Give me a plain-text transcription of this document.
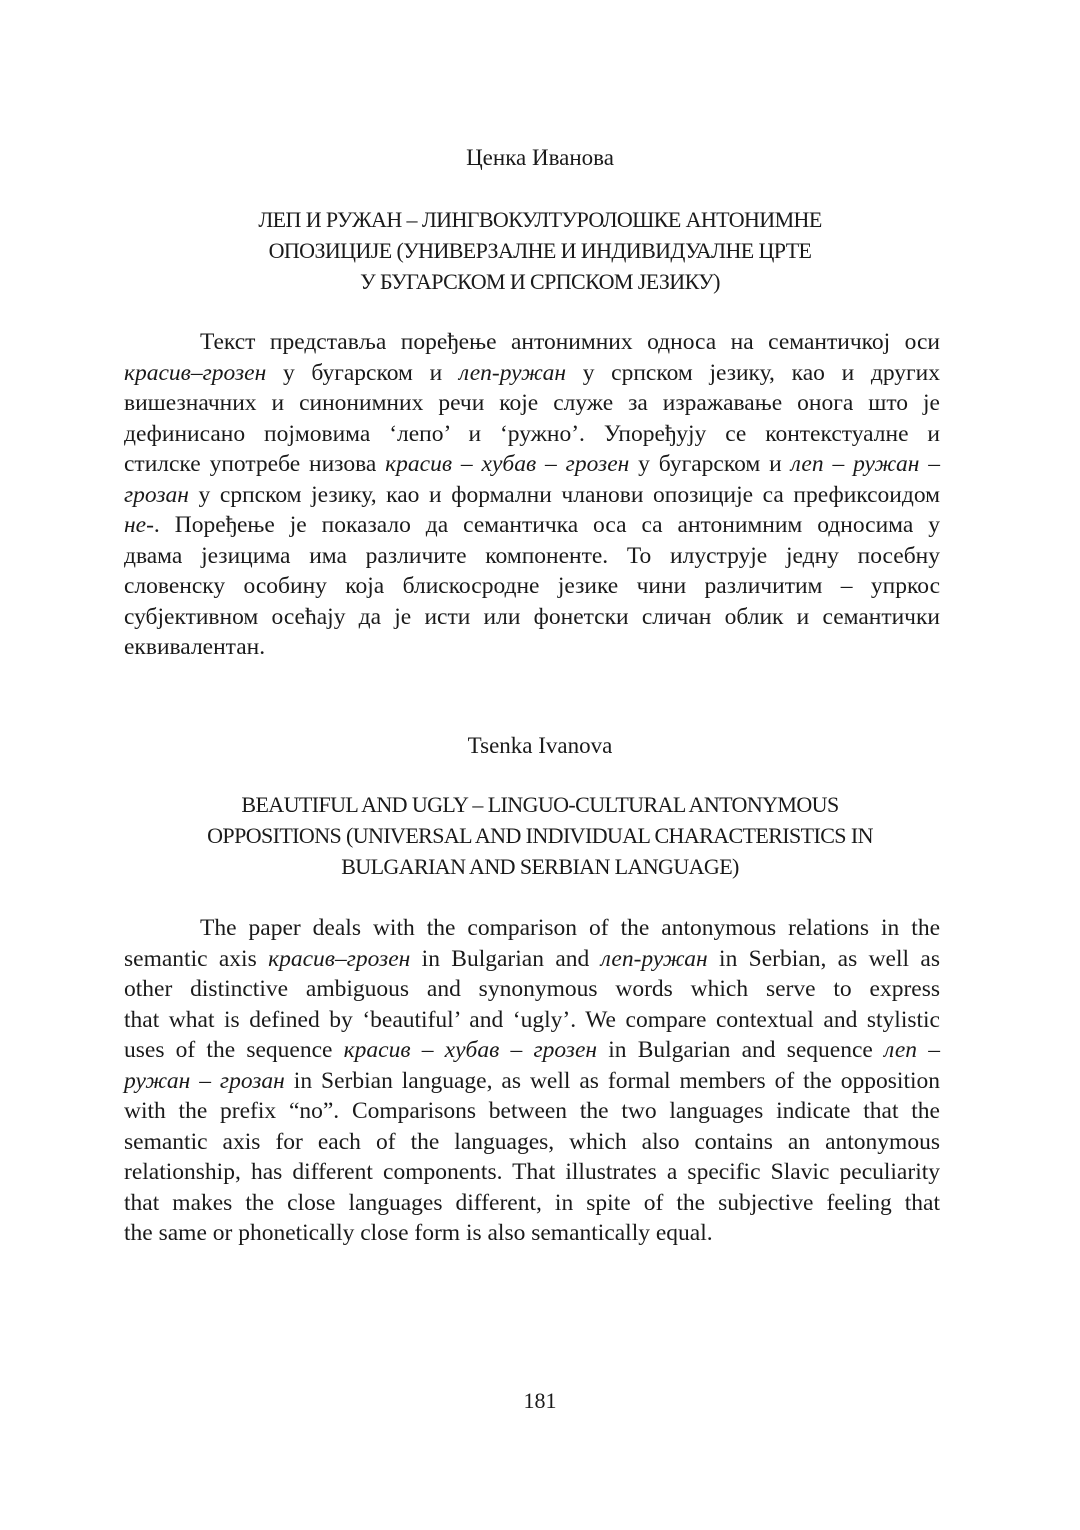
Ценка Иванова
ЛЕП И РУЖАН – ЛИНГВОКУЛТУРОЛОШКЕ АНТОНИМНЕ
ОПОЗИЦИЈЕ (УНИВЕРЗАЛНЕ И ИНДИВИДУАЛНЕ ЦРТЕ
У БУГАРСКОМ И СРПСКОМ ЈЕЗИКУ)
Текст представља поређење антонимних односа на семантичкој оси
красив–грозен у бугарском и леп-ружан у српском језику, као и других
вишезначних и синонимних речи које служе за изражавање онога што је
дефинисано појмовима ‘лепо’ и ‘ружно’. Упоређују се контекстуалне и
стилске употребе низова красив – хубав – грозен у бугарском и леп – ружан –
грозан у српском језику, као и формални чланови опозиције са префиксоидом
не-. Поређење је показало да семантичка оса са антонимним односима у
двама језицима има различите компоненте. То илуструје једну посебну
словенску особину која блискосродне језике чини различитим – упркос
субјективном осећају да је исти или фонетски сличан облик и семантички
еквивалентан.
Tsenka Ivanova
BEAUTIFUL AND UGLY – LINGUO-CULTURAL ANTONYMOUS
OPPOSITIONS (UNIVERSAL AND INDIVIDUAL CHARACTERISTICS IN
BULGARIAN AND SERBIAN LANGUAGE)
The paper deals with the comparison of the antonymous relations in the
semantic axis красив–грозен in Bulgarian and леп-ружан in Serbian, as well as
other distinctive ambiguous and synonymous words which serve to express
that what is defined by ‘beautiful’ and ‘ugly’. We compare contextual and stylistic
uses of the sequence красив – хубав – грозен in Bulgarian and sequence леп –
ружан – грозан in Serbian language, as well as formal members of the opposition
with the prefix “no”. Comparisons between the two languages indicate that the
semantic axis for each of the languages, which also contains an antonymous
relationship, has different components. That illustrates a specific Slavic peculiarity
that makes the close languages different, in spite of the subjective feeling that
the same or phonetically close form is also semantically equal.
181
